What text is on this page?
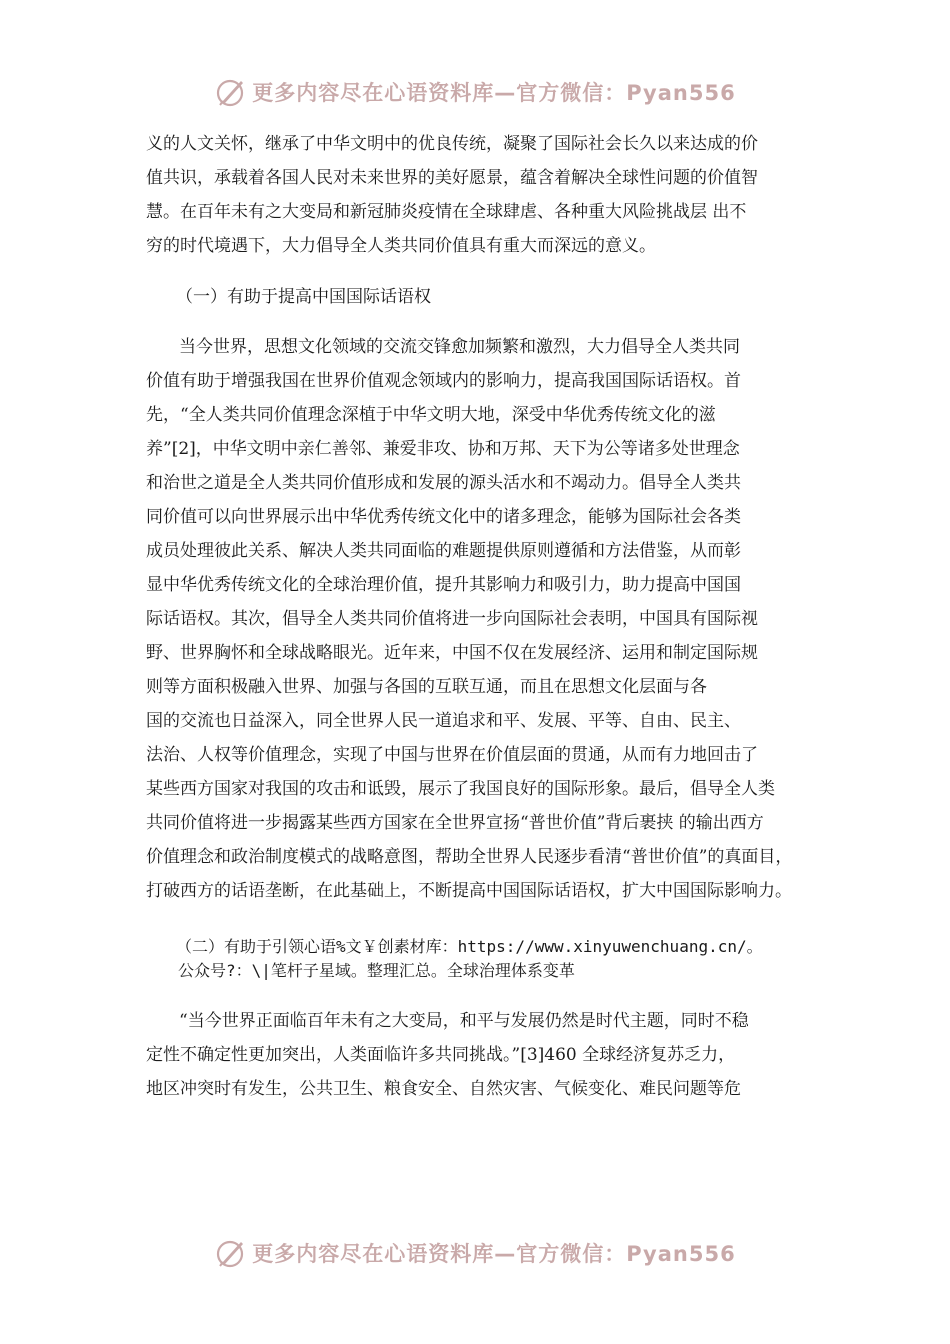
更多内容尽在心语资料库—官方微信：Pyan556

义的人文关怀，继承了中华文明中的优良传统，凝聚了国际社会长久以来达成的价

值共识，承载着各国人民对未来世界的美好愿景，蕴含着解决全球性问题的价值智

慧。在百年未有之大变局和新冠肺炎疫情在全球肆虐、各种重大风险挑战层 出不

穷的时代境遇下，大力倡导全人类共同价值具有重大而深远的意义。

（一）有助于提高中国国际话语权

当今世界，思想文化领域的交流交锋愈加频繁和激烈，大力倡导全人类共同

价值有助于增强我国在世界价值观念领域内的影响力，提高我国国际话语权。首

先，“全人类共同价值理念深植于中华文明大地，深受中华优秀传统文化的滋

养”[2]，中华文明中亲仁善邻、兼爱非攻、协和万邦、天下为公等诸多处世理念

和治世之道是全人类共同价值形成和发展的源头活水和不竭动力。倡导全人类共

同价值可以向世界展示出中华优秀传统文化中的诸多理念，能够为国际社会各类

成员处理彼此关系、解决人类共同面临的难题提供原则遵循和方法借鉴，从而彰

显中华优秀传统文化的全球治理价值，提升其影响力和吸引力，助力提高中国国

际话语权。其次，倡导全人类共同价值将进一步向国际社会表明，中国具有国际视

野、世界胸怀和全球战略眼光。近年来，中国不仅在发展经济、运用和制定国际规

则等方面积极融入世界、加强与各国的互联互通，而且在思想文化层面与各

国的交流也日益深入，同全世界人民一道追求和平、发展、平等、自由、民主、

法治、人权等价值理念，实现了中国与世界在价值层面的贯通，从而有力地回击了

某些西方国家对我国的攻击和诋毁，展示了我国良好的国际形象。最后，倡导全人类

共同价值将进一步揭露某些西方国家在全世界宣扬“普世价值”背后裹挟 的输出西方

价值理念和政治制度模式的战略意图，帮助全世界人民逐步看清“普世价值”的真面目，

打破西方的话语垄断，在此基础上，不断提高中国国际话语权，扩大中国国际影响力。

（二）有助于引领心语%文￥创素材库：https://www.xinyuwenchuang.cn/。

公众号?：\|笔杆子星域。整理汇总。全球治理体系变革

“当今世界正面临百年未有之大变局，和平与发展仍然是时代主题，同时不稳

定性不确定性更加突出，人类面临许多共同挑战。”[3]460 全球经济复苏乏力，

地区冲突时有发生，公共卫生、粮食安全、自然灾害、气候变化、难民问题等危

更多内容尽在心语资料库—官方微信：Pyan556
